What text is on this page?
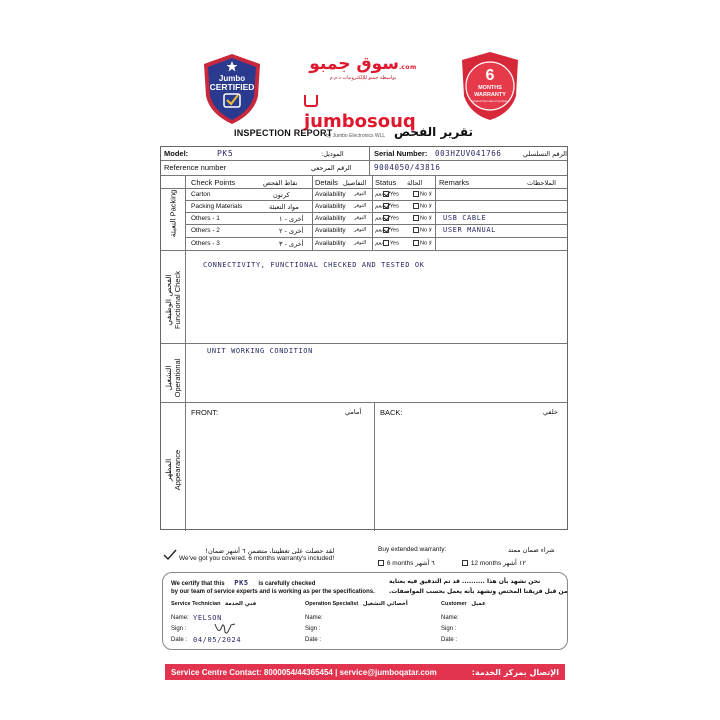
Jumbo
CERTIFIED
سوق جمبو.com
بواسطة جمبو للإلكترونيات ذ.م.م
jumbosouq
by Jumbo Electronics WLL
6
MONTHS
WARRANTY
Included from date of purchase
INSPECTION REPORT	تقرير الفحص
Model:	PK5	الموديل:	Serial Number: 003HZUV041766	الرقم التسلسلي
Reference number	الرقم المرجعي	9004050/43816
Check Points	نقاط الفحص Details التفاصيل Status الحالة Remarks	الملاحظات
التعبئة Packing Carton	كرتون	Availability التوفر نعم Yes	No لا
Packing Materials	مواد التعبئة Availability التوفر نعم Yes	No لا
Others - 1	أخرى - ١ Availability التوفر نعم Yes	No لا USB CABLE
Others - 2	أخرى - ٢ Availability التوفر نعم Yes	No لا USER MANUAL
Others - 3	أخرى - ٣ Availability التوفر نعم Yes	No لا
الفحص الوظيفي
Functional Check
CONNECTIVITY, FUNCTIONAL CHECKED AND TESTED OK
التشغيل
Operational
UNIT WORKING CONDITION
المظهر
Appearance
FRONT:	أمامي	BACK:	خلفي
لقد حصلت على تغطيتنا، متضمن ٦ أشهر ضمان!
We've got you covered. 6 months warranty's included!
Buy extended warranty:	شراء ضمان ممتد
6 months ٦ أشهر	12 months ١٢ أشهر
We certify that this PK5 is carefully checked
by our team of service experts and is working as per the specifications.
نحن نشهد بأن هذا .......... قد تم التدقيق فيه بعناية
من قبل فريقنا المختص ونشهد بأنه يعمل بحسب المواصفات.
Service Technician فني الخدمة
Name: YELSON
Sign :
Date : 04/05/2024
Operation Specialist أخصائي التشغيل
Name:
Sign :
Date :
Customer عميل
Name:
Sign :
Date :
Service Centre Contact: 8000054/44365454 | service@jumboqatar.com	الإتصال بمركز الخدمة:
